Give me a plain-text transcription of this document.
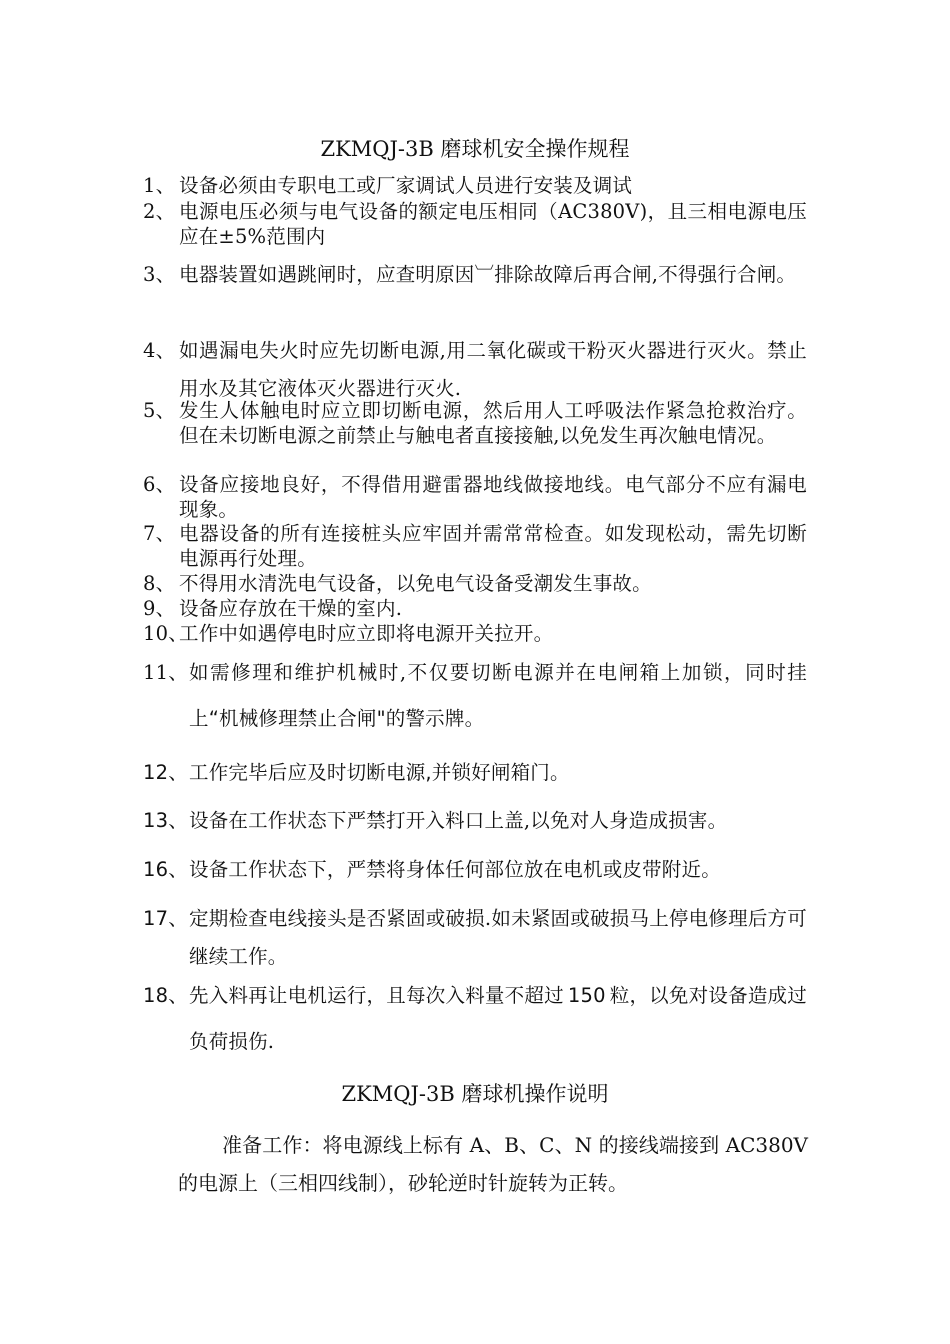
ZKMQJ-3B 磨球机安全操作规程
1、 设备必须由专职电工或厂家调试人员进行安装及调试
2、 电源电压必须与电气设备的额定电压相同（AC380V)，且三相电源电压应在±5%范围内
3、 电器装置如遇跳闸时，应查明原因︺排除故障后再合闸,不得强行合闸。
4、 如遇漏电失火时应先切断电源,用二氧化碳或干粉灭火器进行灭火。禁止用水及其它液体灭火器进行灭火.
5、 发生人体触电时应立即切断电源，然后用人工呼吸法作紧急抢救治疗。但在未切断电源之前禁止与触电者直接接触,以免发生再次触电情况。
6、 设备应接地良好，不得借用避雷器地线做接地线。电气部分不应有漏电现象。
7、 电器设备的所有连接桩头应牢固并需常常检查。如发现松动，需先切断电源再行处理。
8、 不得用水清洗电气设备，以免电气设备受潮发生事故。
9、 设备应存放在干燥的室内.
10、
工作中如遇停电时应立即将电源开关拉开。
11、 如需修理和维护机械时,不仅要切断电源并在电闸箱上加锁，同时挂上“机械修理禁止合闸"的警示牌。
12、 工作完毕后应及时切断电源,并锁好闸箱门。
13、 设备在工作状态下严禁打开入料口上盖,以免对人身造成损害。
16、 设备工作状态下，严禁将身体任何部位放在电机或皮带附近。
17、 定期检查电线接头是否紧固或破损.如未紧固或破损马上停电修理后方可继续工作。
18、 先入料再让电机运行，且每次入料量不超过 150 粒，以免对设备造成过负荷损伤.
ZKMQJ-3B 磨球机操作说明
准备工作：将电源线上标有 A、B、C、N 的接线端接到 AC380V 的电源上（三相四线制），砂轮逆时针旋转为正转。
